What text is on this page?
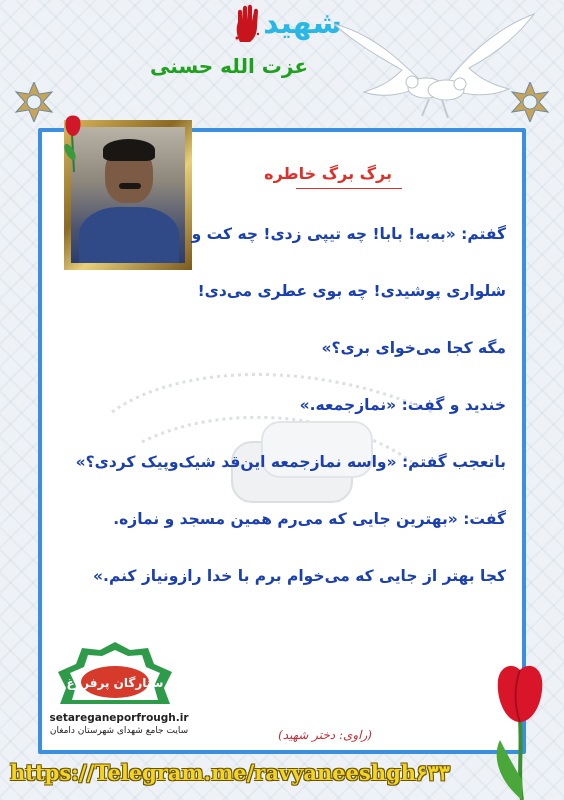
شهید
عزت الله حسنی
برگ برگ خاطره
گفتم: «به‌به! بابا! چه تیپی زدی! چه کت و
شلواری پوشیدی! چه بوی عطری می‌دی!
مگه کجا می‌خوای بری؟»
خندید و گفت: «نمازجمعه.»
باتعجب گفتم: «واسه نمازجمعه این‌قد شیک‌وپیک کردی؟»
گفت: «بهترین جایی که می‌رم همین مسجد و نمازه.
کجا بهتر از جایی که می‌خوام برم با خدا رازونیاز کنم.»
(راوی: دختر شهید)
ستارگان پرفروغ
setareganeporfrough.ir
سایت جامع شهدای شهرستان دامغان
https://Telegram.me/ravyaneeshgh۶۳۳
